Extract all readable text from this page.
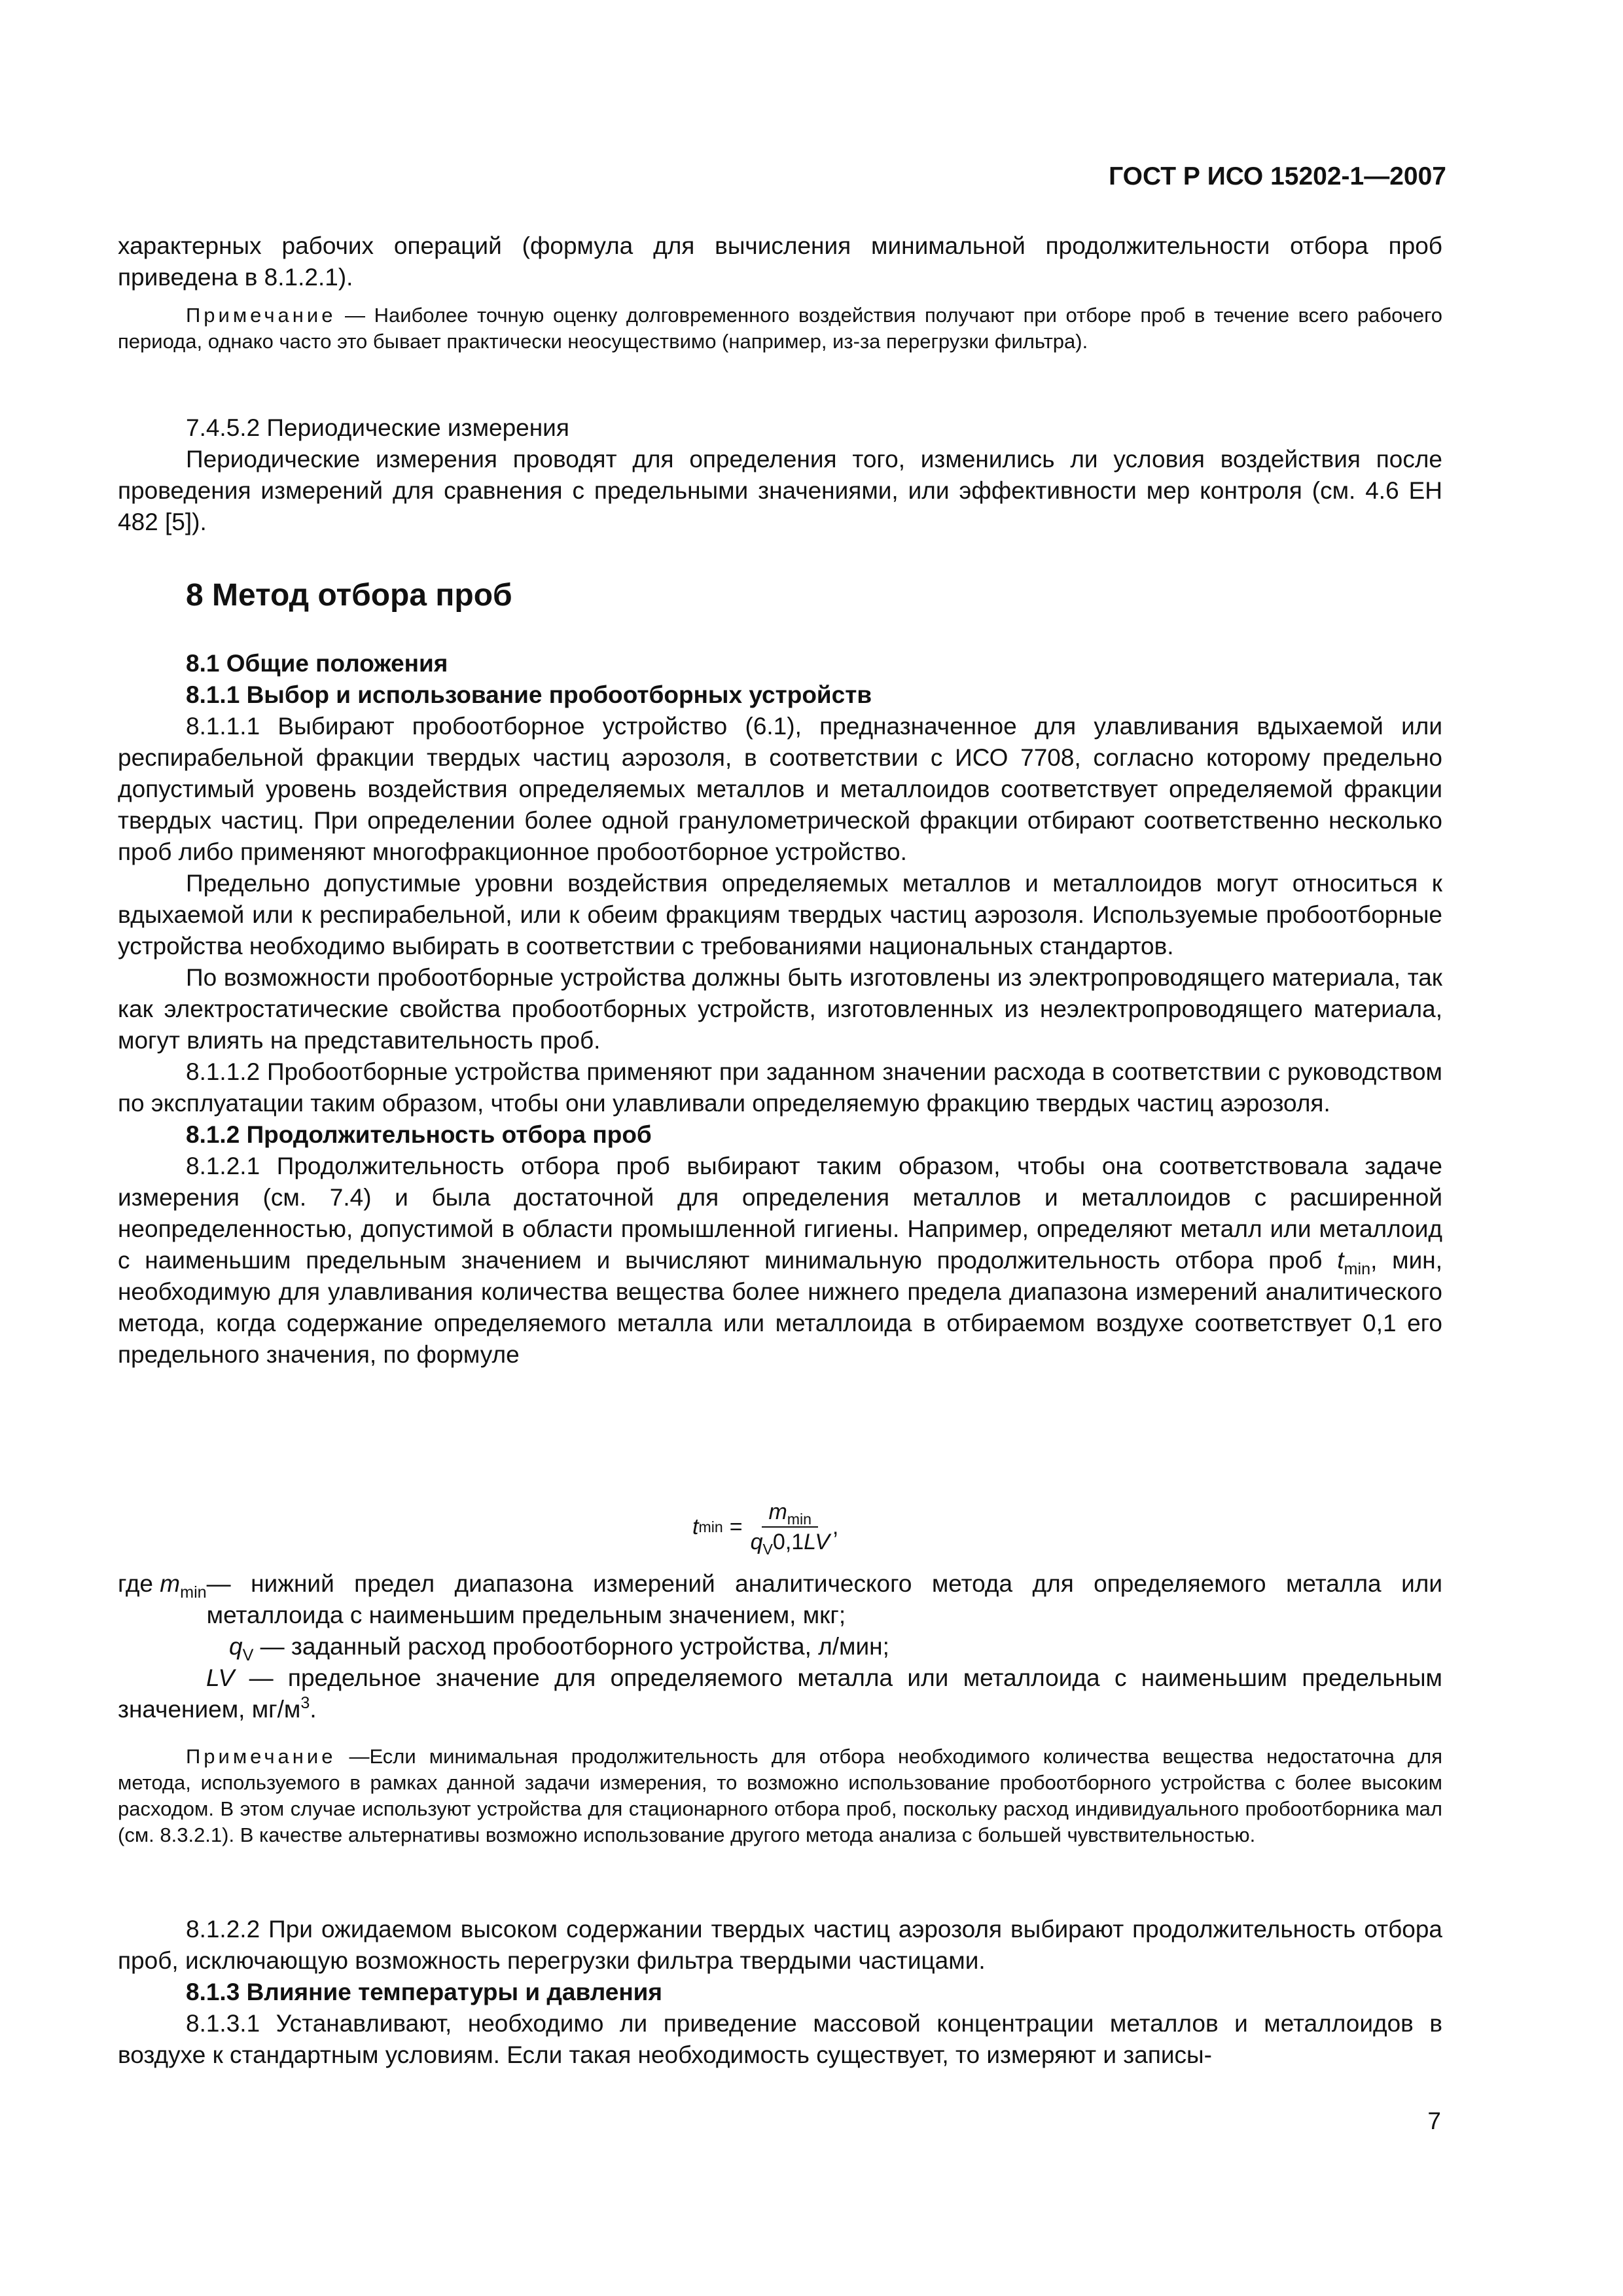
ГОСТ Р ИСО 15202-1—2007

характерных рабочих операций (формула для вычисления минимальной продолжительности отбора проб приведена в 8.1.2.1).

Примечание — Наиболее точную оценку долговременного воздействия получают при отборе проб в течение всего рабочего периода, однако часто это бывает практически неосуществимо (например, из-за перегрузки фильтра).

7.4.5.2 Периодические измерения

Периодические измерения проводят для определения того, изменились ли условия воздействия после проведения измерений для сравнения с предельными значениями, или эффективности мер контроля (см. 4.6 ЕН 482 [5]).

8 Метод отбора проб

8.1 Общие положения

8.1.1 Выбор и использование пробоотборных устройств

8.1.1.1 Выбирают пробоотборное устройство (6.1), предназначенное для улавливания вдыхаемой или респирабельной фракции твердых частиц аэрозоля, в соответствии с ИСО 7708, согласно которому предельно допустимый уровень воздействия определяемых металлов и металлоидов соответствует определяемой фракции твердых частиц. При определении более одной гранулометрической фракции отбирают соответственно несколько проб либо применяют многофракционное пробоотборное устройство.

Предельно допустимые уровни воздействия определяемых металлов и металлоидов могут относиться к вдыхаемой или к респирабельной, или к обеим фракциям твердых частиц аэрозоля. Используемые пробоотборные устройства необходимо выбирать в соответствии с требованиями национальных стандартов.

По возможности пробоотборные устройства должны быть изготовлены из электропроводящего материала, так как электростатические свойства пробоотборных устройств, изготовленных из неэлектропроводящего материала, могут влиять на представительность проб.

8.1.1.2 Пробоотборные устройства применяют при заданном значении расхода в соответствии с руководством по эксплуатации таким образом, чтобы они улавливали определяемую фракцию твердых частиц аэрозоля.

8.1.2 Продолжительность отбора проб

8.1.2.1 Продолжительность отбора проб выбирают таким образом, чтобы она соответствовала задаче измерения (см. 7.4) и была достаточной для определения металлов и металлоидов с расширенной неопределенностью, допустимой в области промышленной гигиены. Например, определяют металл или металлоид с наименьшим предельным значением и вычисляют минимальную продолжительность отбора проб $t_{min}$, мин, необходимую для улавливания количества вещества более нижнего предела диапазона измерений аналитического метода, когда содержание определяемого металла или металлоида в отбираемом воздухе соответствует 0,1 его предельного значения, по формуле

t $\min = \frac{m_{min}}{q_V0,1LV}$ ,
где $m_{min}$ — нижний предел диапазона измерений аналитического метода для определяемого металла или металлоида с наименьшим предельным значением, мкг;
$q_V$ — заданный расход пробоотборного устройства, л/мин;

LV — предельное значение для определяемого металла или металлоида с наименьшим предельным значением, $мг/м^3$.

Примечание —Если минимальная продолжительность для отбора необходимого количества вещества недостаточна для метода, используемого в рамках данной задачи измерения, то возможно использование пробоотборного устройства с более высоким расходом. В этом случае используют устройства для стационарного отбора проб, поскольку расход индивидуального пробоотборника мал (см. 8.3.2.1). В качестве альтернативы возможно использование другого метода анализа с большей чувствительностью.

8.1.2.2 При ожидаемом высоком содержании твердых частиц аэрозоля выбирают продолжительность отбора проб, исключающую возможность перегрузки фильтра твердыми частицами.

8.1.3 Влияние температуры и давления

8.1.3.1 Устанавливают, необходимо ли приведение массовой концентрации металлов и металлоидов в воздухе к стандартным условиям. Если такая необходимость существует, то измеряют и записы-

7
